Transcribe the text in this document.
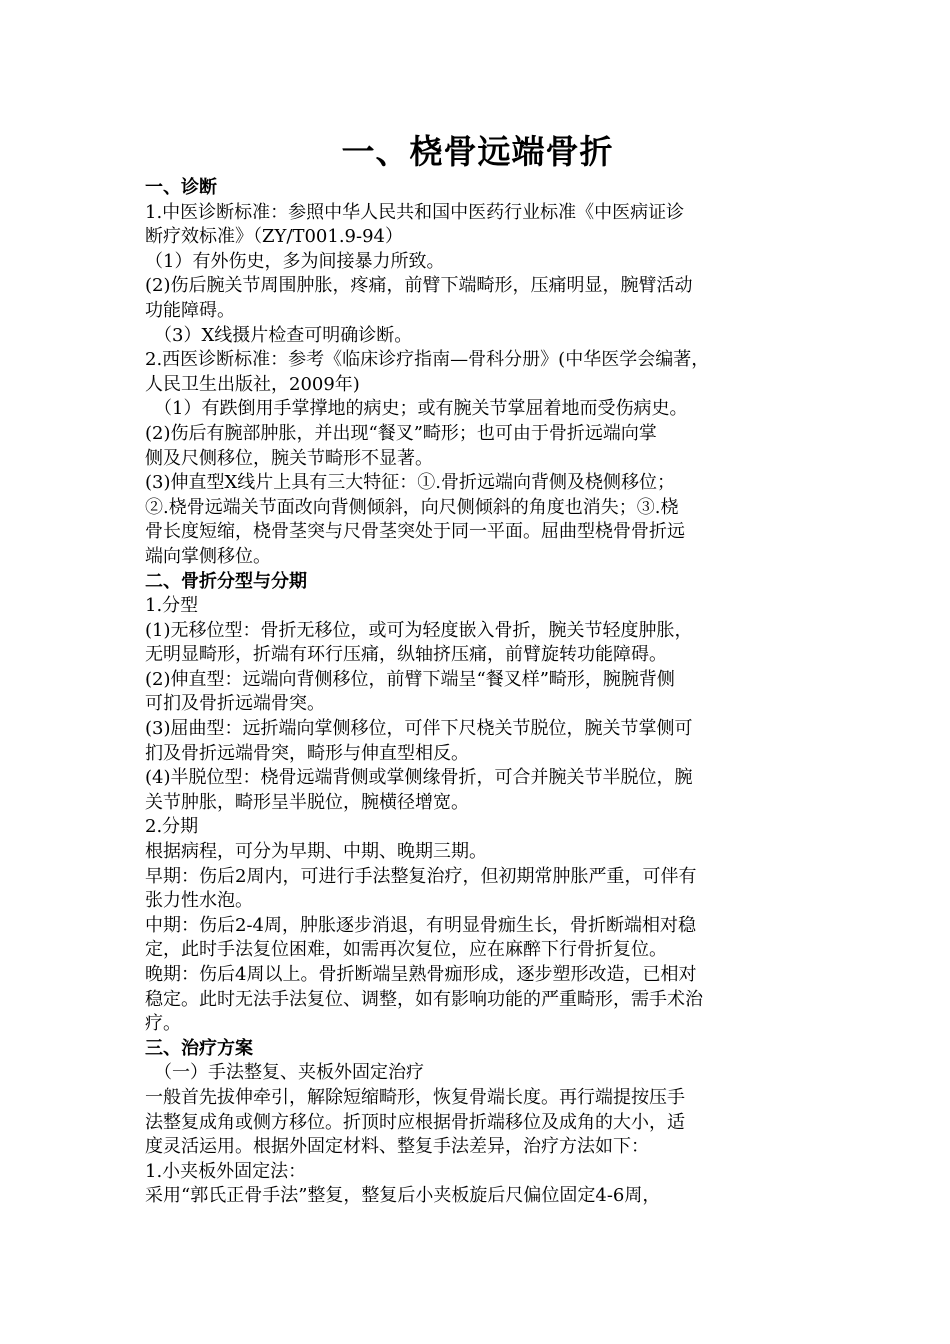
一、桡骨远端骨折
一、诊断
1.中医诊断标准：参照中华人民共和国中医药行业标准《中医病证诊
断疗效标准》（ZY/T001.9-94）
（1）有外伤史，多为间接暴力所致。
(2)伤后腕关节周围肿胀，疼痛，前臂下端畸形，压痛明显，腕臂活动
功能障碍。
（3）X线摄片检查可明确诊断。
2.西医诊断标准：参考《临床诊疗指南—骨科分册》(中华医学会编著，
人民卫生出版社，2009年)
（1）有跌倒用手掌撑地的病史；或有腕关节掌屈着地而受伤病史。
(2)伤后有腕部肿胀，并出现“餐叉”畸形；也可由于骨折远端向掌
侧及尺侧移位，腕关节畸形不显著。
(3)伸直型X线片上具有三大特征：①.骨折远端向背侧及桡侧移位；
②.桡骨远端关节面改向背侧倾斜，向尺侧倾斜的角度也消失；③.桡
骨长度短缩，桡骨茎突与尺骨茎突处于同一平面。屈曲型桡骨骨折远
端向掌侧移位。
二、骨折分型与分期
1.分型
(1)无移位型：骨折无移位，或可为轻度嵌入骨折，腕关节轻度肿胀，
无明显畸形，折端有环行压痛，纵轴挤压痛，前臂旋转功能障碍。
(2)伸直型：远端向背侧移位，前臂下端呈“餐叉样”畸形，腕腕背侧
可扪及骨折远端骨突。
(3)屈曲型：远折端向掌侧移位，可伴下尺桡关节脱位，腕关节掌侧可
扪及骨折远端骨突，畸形与伸直型相反。
(4)半脱位型：桡骨远端背侧或掌侧缘骨折，可合并腕关节半脱位，腕
关节肿胀，畸形呈半脱位，腕横径增宽。
2.分期
根据病程，可分为早期、中期、晚期三期。
早期：伤后2周内，可进行手法整复治疗，但初期常肿胀严重，可伴有
张力性水泡。
中期：伤后2-4周，肿胀逐步消退，有明显骨痂生长，骨折断端相对稳
定，此时手法复位困难，如需再次复位，应在麻醉下行骨折复位。
晚期：伤后4周以上。骨折断端呈熟骨痂形成，逐步塑形改造，已相对
稳定。此时无法手法复位、调整，如有影响功能的严重畸形，需手术治
疗。
三、治疗方案
（一）手法整复、夹板外固定治疗
一般首先拔伸牵引，解除短缩畸形，恢复骨端长度。再行端提按压手
法整复成角或侧方移位。折顶时应根据骨折端移位及成角的大小，适
度灵活运用。根据外固定材料、整复手法差异，治疗方法如下：
1.小夹板外固定法：
采用“郭氏正骨手法”整复，整复后小夹板旋后尺偏位固定4-6周，
